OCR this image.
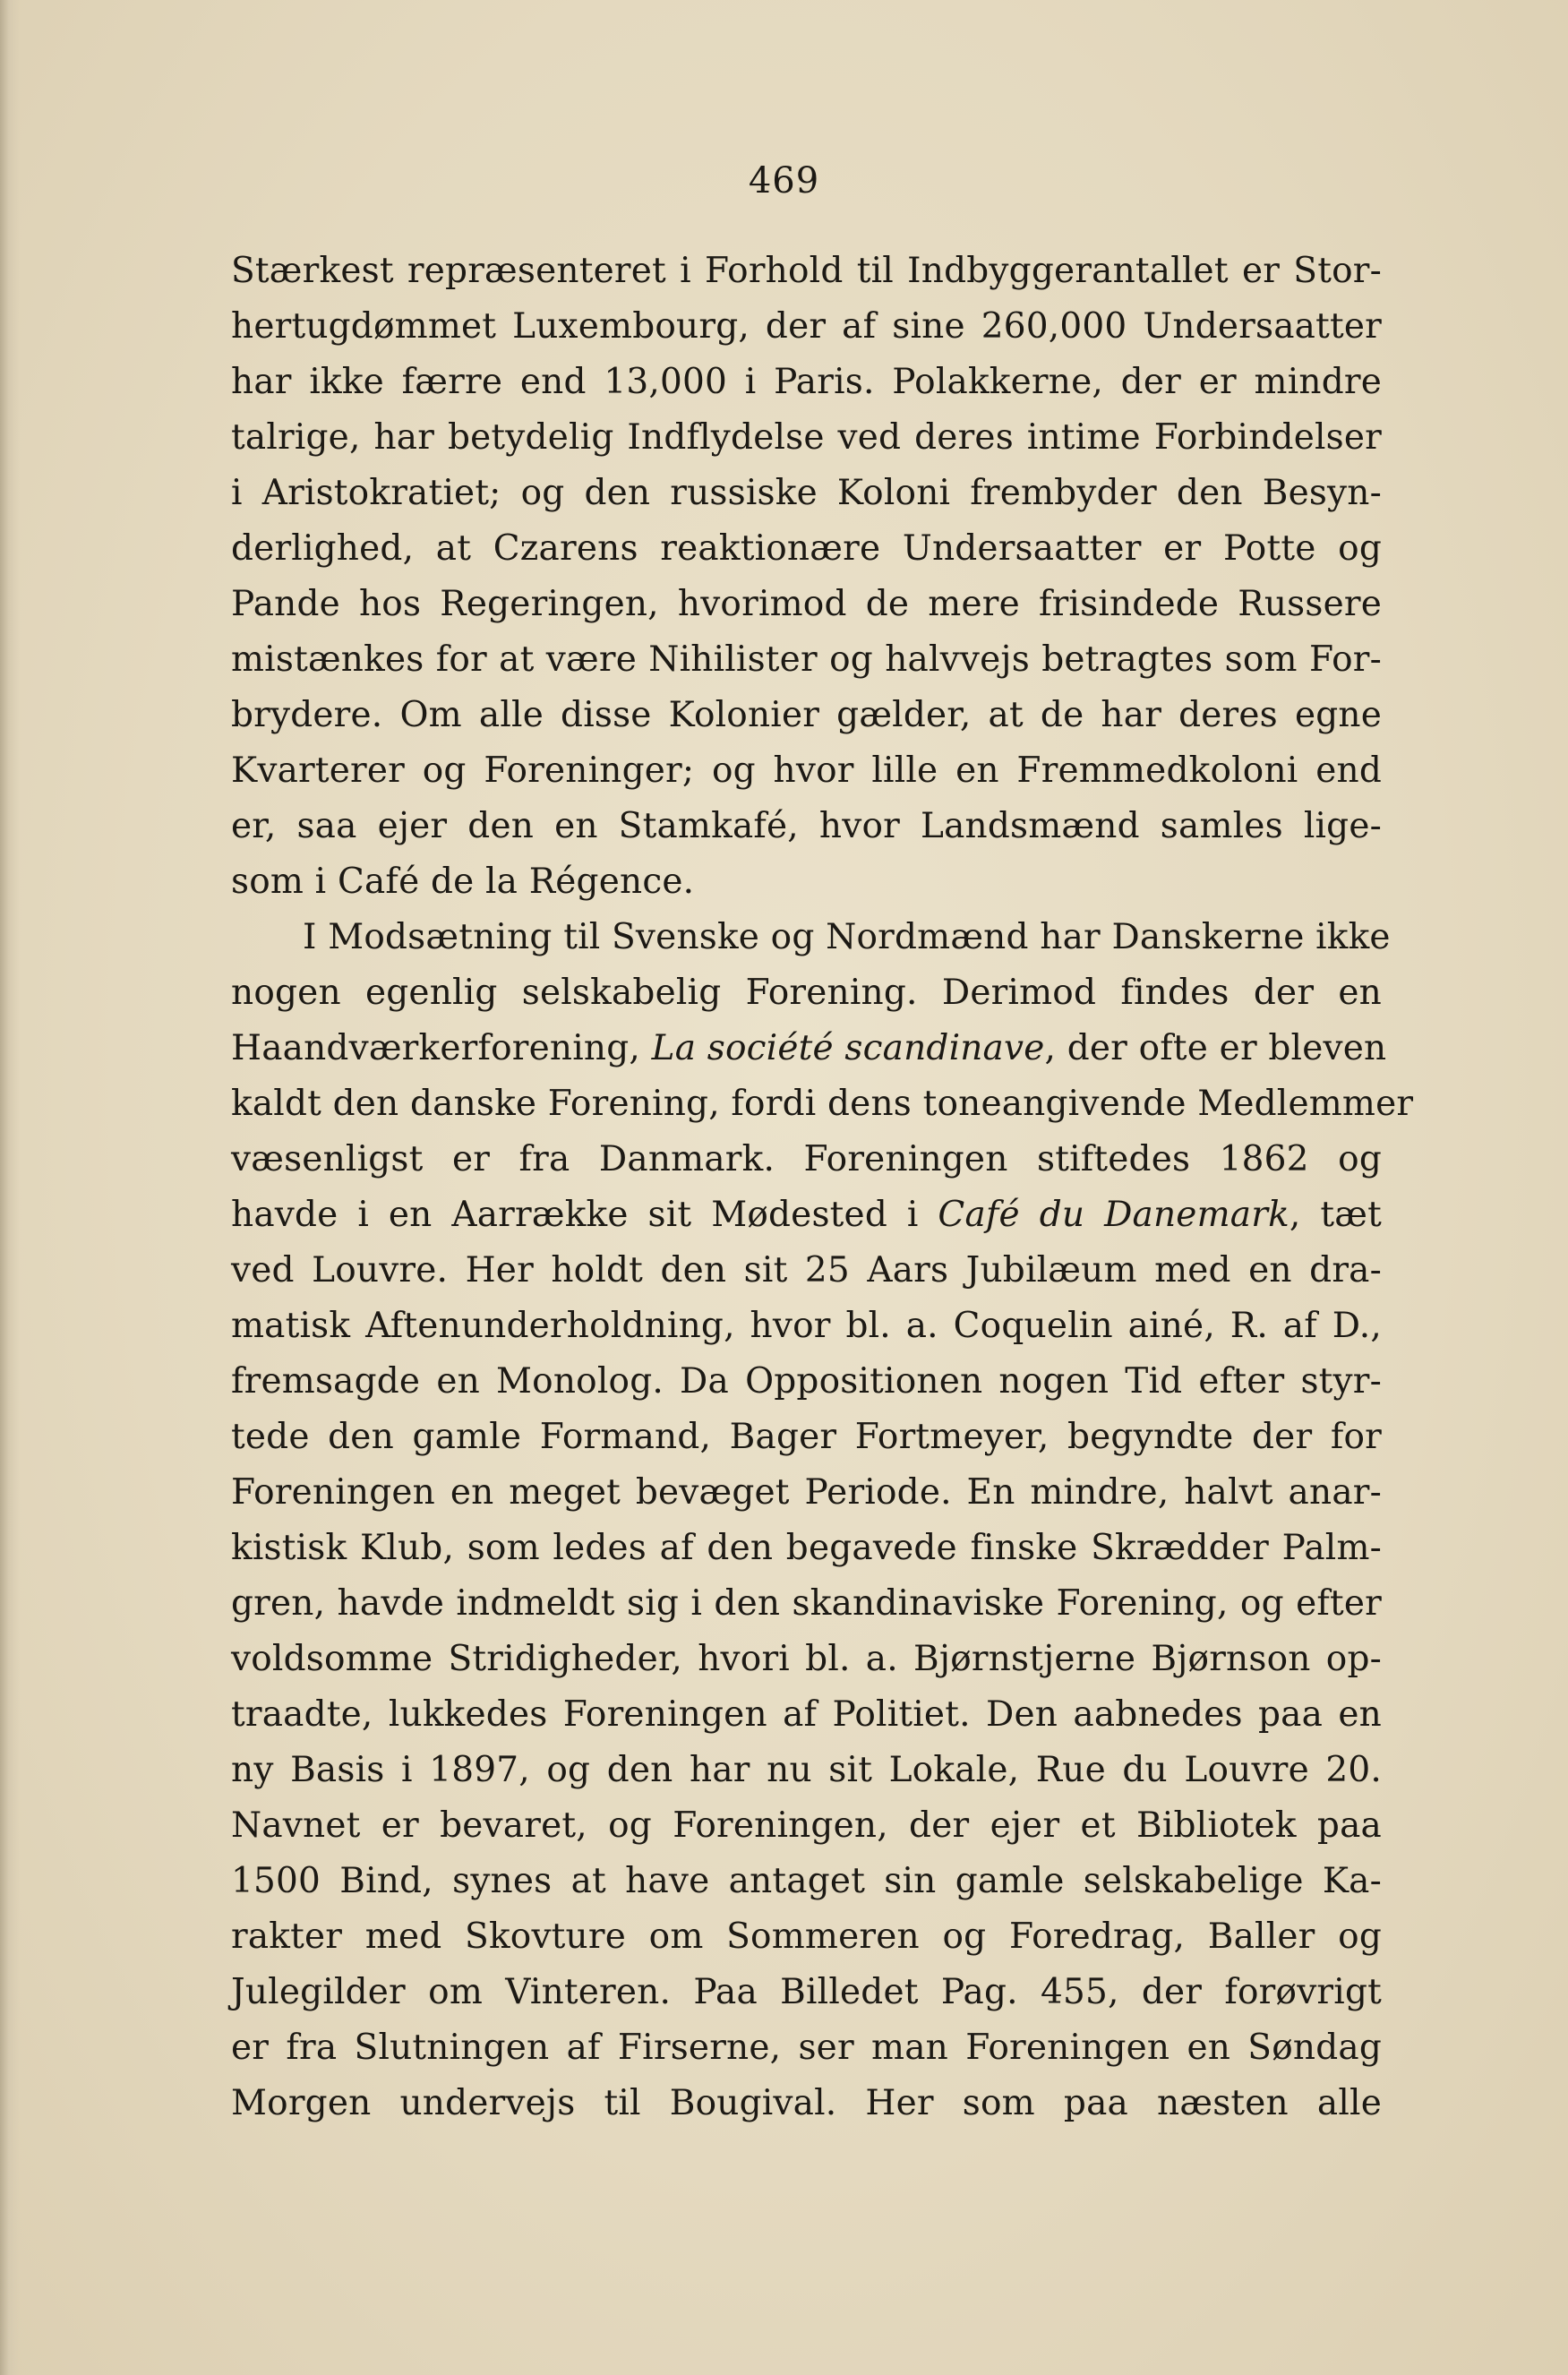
469
Stærkest repræsenteret i Forhold til Indbyggerantallet er Stor-
hertugdømmet Luxembourg, der af sine 260,000 Undersaatter
har ikke færre end 13,000 i Paris. Polakkerne, der er mindre
talrige, har betydelig Indflydelse ved deres intime Forbindelser
i Aristokratiet; og den russiske Koloni frembyder den Besyn-
derlighed, at Czarens reaktionære Undersaatter er Potte og
Pande hos Regeringen, hvorimod de mere frisindede Russere
mistænkes for at være Nihilister og halvvejs betragtes som For-
brydere. Om alle disse Kolonier gælder, at de har deres egne
Kvarterer og Foreninger; og hvor lille en Fremmedkoloni end
er, saa ejer den en Stamkafé, hvor Landsmænd samles lige-
som i Café de la Régence.
I Modsætning til Svenske og Nordmænd har Danskerne ikke
nogen egenlig selskabelig Forening. Derimod findes der en
Haandværkerforening, La société scandinave, der ofte er bleven
kaldt den danske Forening, fordi dens toneangivende Medlemmer
væsenligst er fra Danmark. Foreningen stiftedes 1862 og
havde i en Aarrække sit Mødested i Café du Danemark, tæt
ved Louvre. Her holdt den sit 25 Aars Jubilæum med en dra-
matisk Aftenunderholdning, hvor bl. a. Coquelin ainé, R. af D.,
fremsagde en Monolog. Da Oppositionen nogen Tid efter styr-
tede den gamle Formand, Bager Fortmeyer, begyndte der for
Foreningen en meget bevæget Periode. En mindre, halvt anar-
kistisk Klub, som ledes af den begavede finske Skrædder Palm-
gren, havde indmeldt sig i den skandinaviske Forening, og efter
voldsomme Stridigheder, hvori bl. a. Bjørnstjerne Bjørnson op-
traadte, lukkedes Foreningen af Politiet. Den aabnedes paa en
ny Basis i 1897, og den har nu sit Lokale, Rue du Louvre 20.
Navnet er bevaret, og Foreningen, der ejer et Bibliotek paa
1500 Bind, synes at have antaget sin gamle selskabelige Ka-
rakter med Skovture om Sommeren og Foredrag, Baller og
Julegilder om Vinteren. Paa Billedet Pag. 455, der forøvrigt
er fra Slutningen af Firserne, ser man Foreningen en Søndag
Morgen undervejs til Bougival. Her som paa næsten alle
